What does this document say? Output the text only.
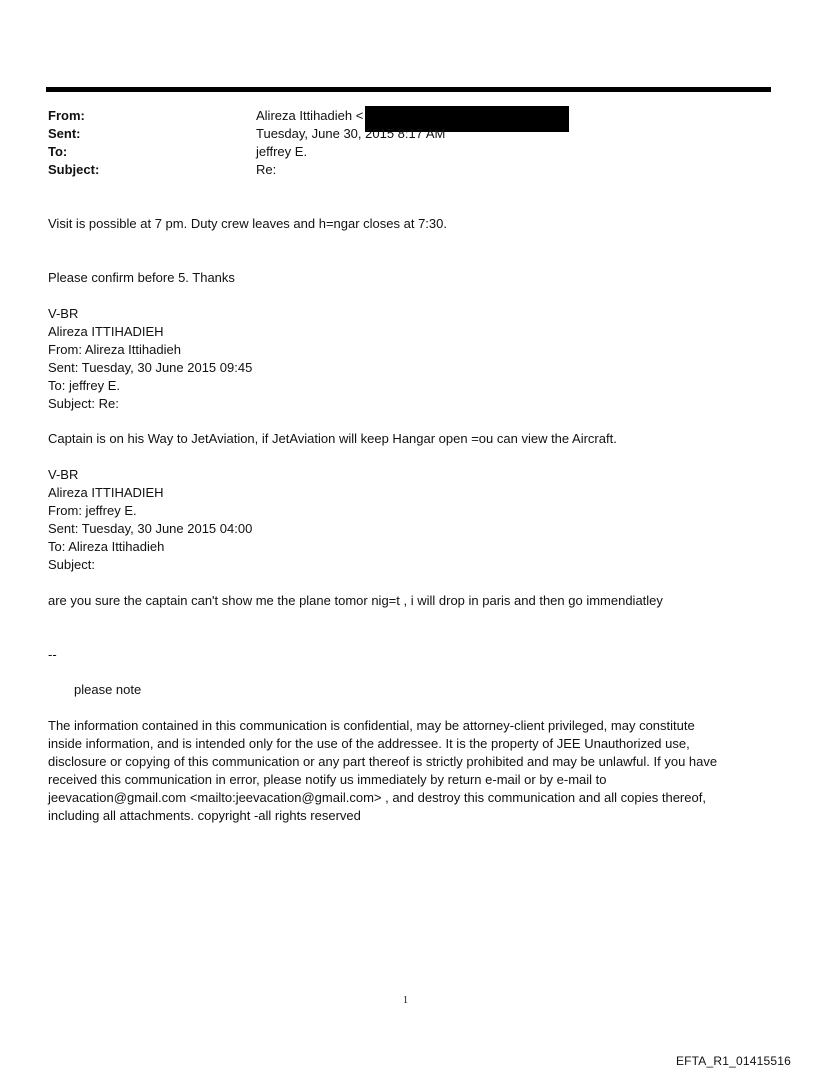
From:	Alireza Ittihadieh <
Sent:	Tuesday, June 30, 2015 8:17 AM
To:	jeffrey E.
Subject:	Re:
Visit is possible at 7 pm. Duty crew leaves and h=ngar closes at 7:30.
Please confirm before 5. Thanks
V-BR
Alireza ITTIHADIEH
From: Alireza Ittihadieh
Sent: Tuesday, 30 June 2015 09:45
To: jeffrey E.
Subject: Re:
Captain is on his Way to JetAviation, if JetAviation will keep Hangar open =ou can view the Aircraft.
V-BR
Alireza ITTIHADIEH
From: jeffrey E.
Sent: Tuesday, 30 June 2015 04:00
To: Alireza Ittihadieh
Subject:
are you sure the captain can't show me the plane tomor nig=t , i will drop in paris and then go immendiatley
--
please note
The information contained in this communication is confidential, may be attorney-client privileged, may constitute
inside information, and is intended only for the use of the addressee. It is the property of JEE Unauthorized use,
disclosure or copying of this communication or any part thereof is strictly prohibited and may be unlawful. If you have
received this communication in error, please notify us immediately by return e-mail or by e-mail to
jeevacation@gmail.com <mailto:jeevacation@gmail.com> , and destroy this communication and all copies thereof,
including all attachments. copyright -all rights reserved
1
EFTA_R1_01415516
